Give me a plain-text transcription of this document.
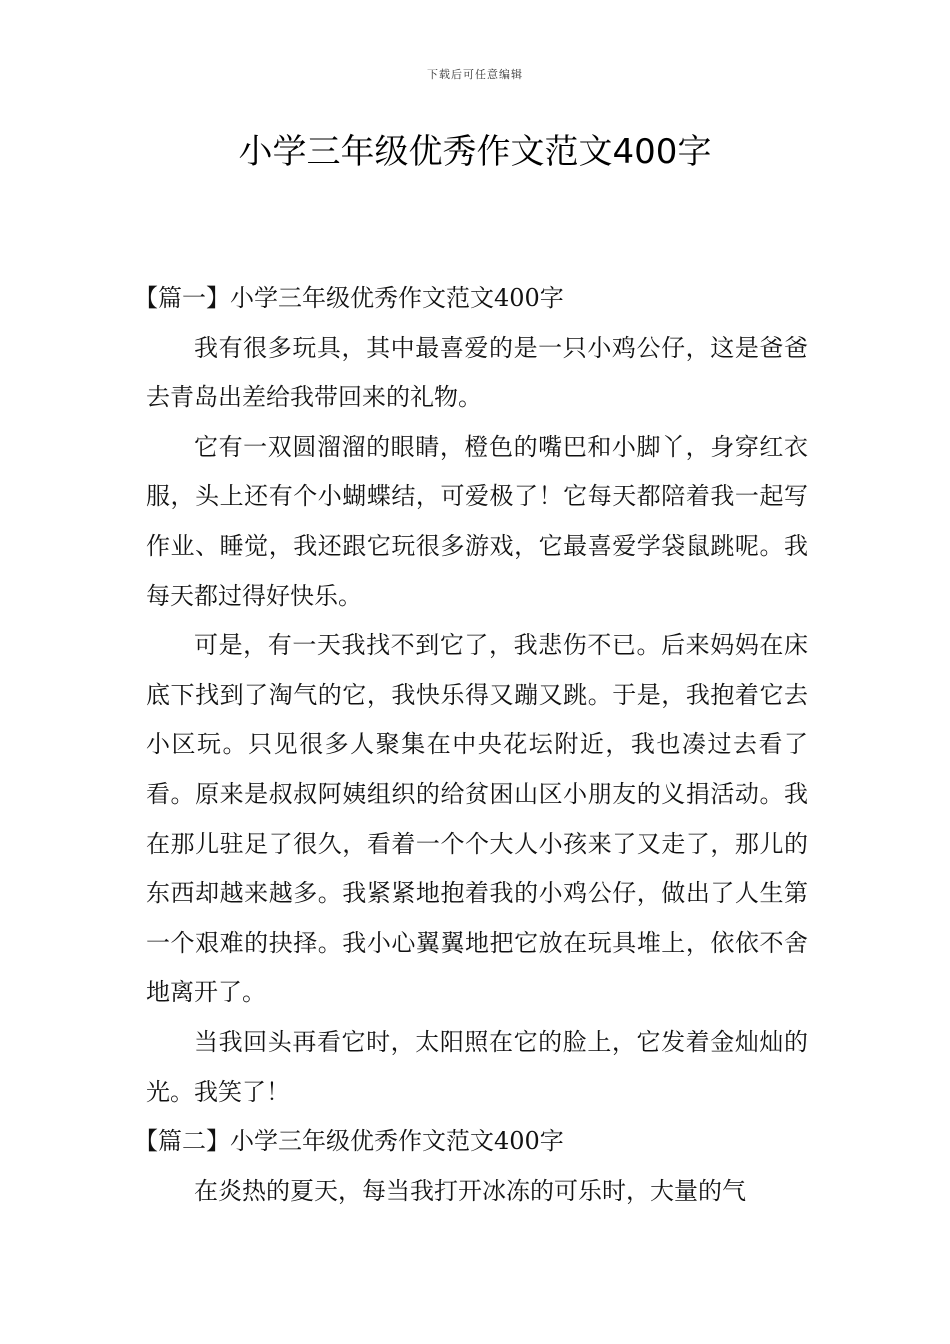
下载后可任意编辑
小学三年级优秀作文范文400字

【篇一】小学三年级优秀作文范文400字

我有很多玩具，其中最喜爱的是一只小鸡公仔，这是爸爸去青岛出差给我带回来的礼物。

它有一双圆溜溜的眼睛，橙色的嘴巴和小脚丫，身穿红衣服，头上还有个小蝴蝶结，可爱极了！它每天都陪着我一起写作业、睡觉，我还跟它玩很多游戏，它最喜爱学袋鼠跳呢。我每天都过得好快乐。

可是，有一天我找不到它了，我悲伤不已。后来妈妈在床底下找到了淘气的它，我快乐得又蹦又跳。于是，我抱着它去小区玩。只见很多人聚集在中央花坛附近，我也凑过去看了看。原来是叔叔阿姨组织的给贫困山区小朋友的义捐活动。我在那儿驻足了很久，看着一个个大人小孩来了又走了，那儿的东西却越来越多。我紧紧地抱着我的小鸡公仔，做出了人生第一个艰难的抉择。我小心翼翼地把它放在玩具堆上，依依不舍地离开了。

当我回头再看它时，太阳照在它的脸上，它发着金灿灿的光。我笑了！

【篇二】小学三年级优秀作文范文400字

在炎热的夏天，每当我打开冰冻的可乐时，大量的气
